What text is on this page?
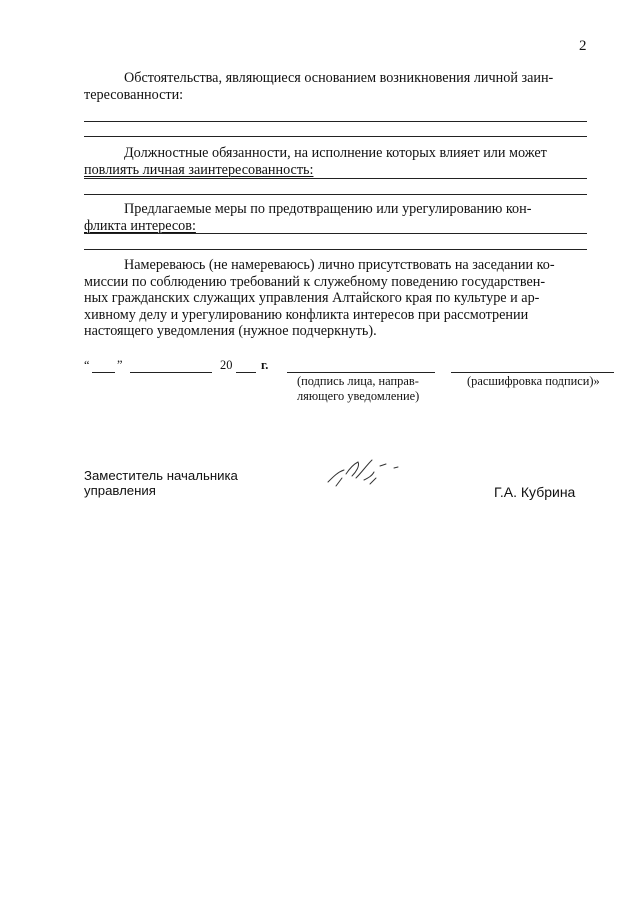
2
Обстоятельства, являющиеся основанием возникновения личной заин-
тересованности:
Должностные обязанности, на исполнение которых влияет или может
повлиять личная заинтересованность:
Предлагаемые меры по предотвращению или урегулированию кон-
фликта интересов:
Намереваюсь (не намереваюсь) лично присутствовать на заседании ко-
миссии по соблюдению требований к служебному поведению государствен-
ных гражданских служащих управления Алтайского края по культуре и ар-
хивному делу и урегулированию конфликта интересов при рассмотрении
настоящего уведомления (нужное подчеркнуть).
“ ”	20 г.
(подпись лица, направ-
ляющего уведомление)
(расшифровка подписи)»
Заместитель начальника
управления	Г.А. Кубрина
